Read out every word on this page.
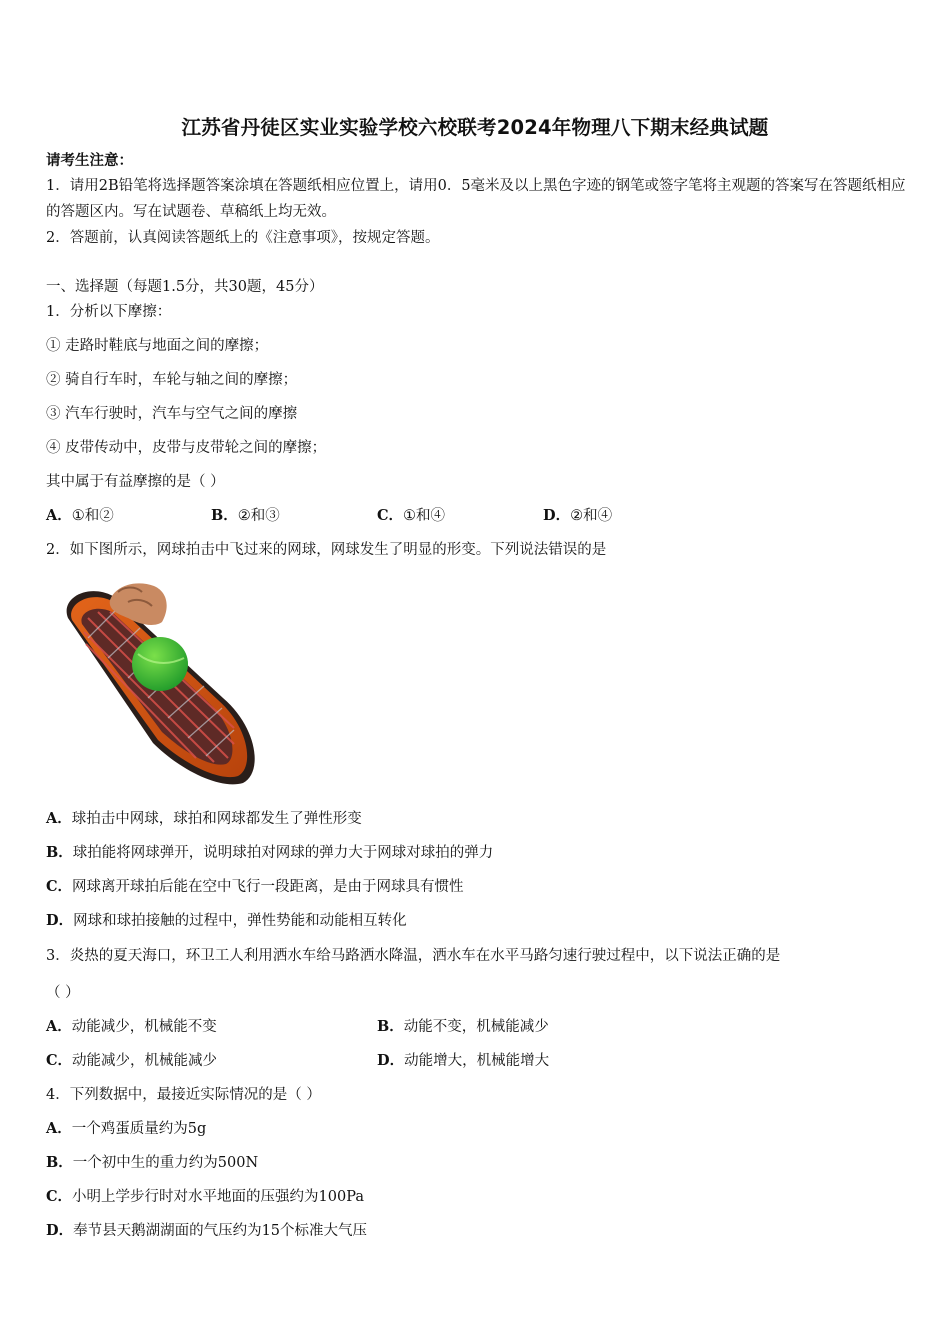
江苏省丹徒区实业实验学校六校联考2024年物理八下期末经典试题
请考生注意：
1．请用2B铅笔将选择题答案涂填在答题纸相应位置上，请用0．5毫米及以上黑色字迹的钢笔或签字笔将主观题的答案写在答题纸相应的答题区内。写在试题卷、草稿纸上均无效。
2．答题前，认真阅读答题纸上的《注意事项》，按规定答题。
一、选择题（每题1.5分，共30题，45分）
1．分析以下摩擦：
① 走路时鞋底与地面之间的摩擦；
② 骑自行车时，车轮与轴之间的摩擦；
③ 汽车行驶时，汽车与空气之间的摩擦
④ 皮带传动中，皮带与皮带轮之间的摩擦；
其中属于有益摩擦的是（ ）
A．①和②	B．②和③	C．①和④	D．②和④
2．如下图所示，网球拍击中飞过来的网球，网球发生了明显的形变。下列说法错误的是
A．球拍击中网球，球拍和网球都发生了弹性形变
B．球拍能将网球弹开，说明球拍对网球的弹力大于网球对球拍的弹力
C．网球离开球拍后能在空中飞行一段距离，是由于网球具有惯性
D．网球和球拍接触的过程中，弹性势能和动能相互转化
3．炎热的夏天海口，环卫工人利用洒水车给马路洒水降温，洒水车在水平马路匀速行驶过程中，以下说法正确的是
（ ）
A．动能减少，机械能不变	B．动能不变，机械能减少
C．动能减少，机械能减少	D．动能增大，机械能增大
4．下列数据中，最接近实际情况的是（ ）
A．一个鸡蛋质量约为5g
B．一个初中生的重力约为500N
C．小明上学步行时对水平地面的压强约为100Pa
D．奉节县天鹅湖湖面的气压约为15个标准大气压
